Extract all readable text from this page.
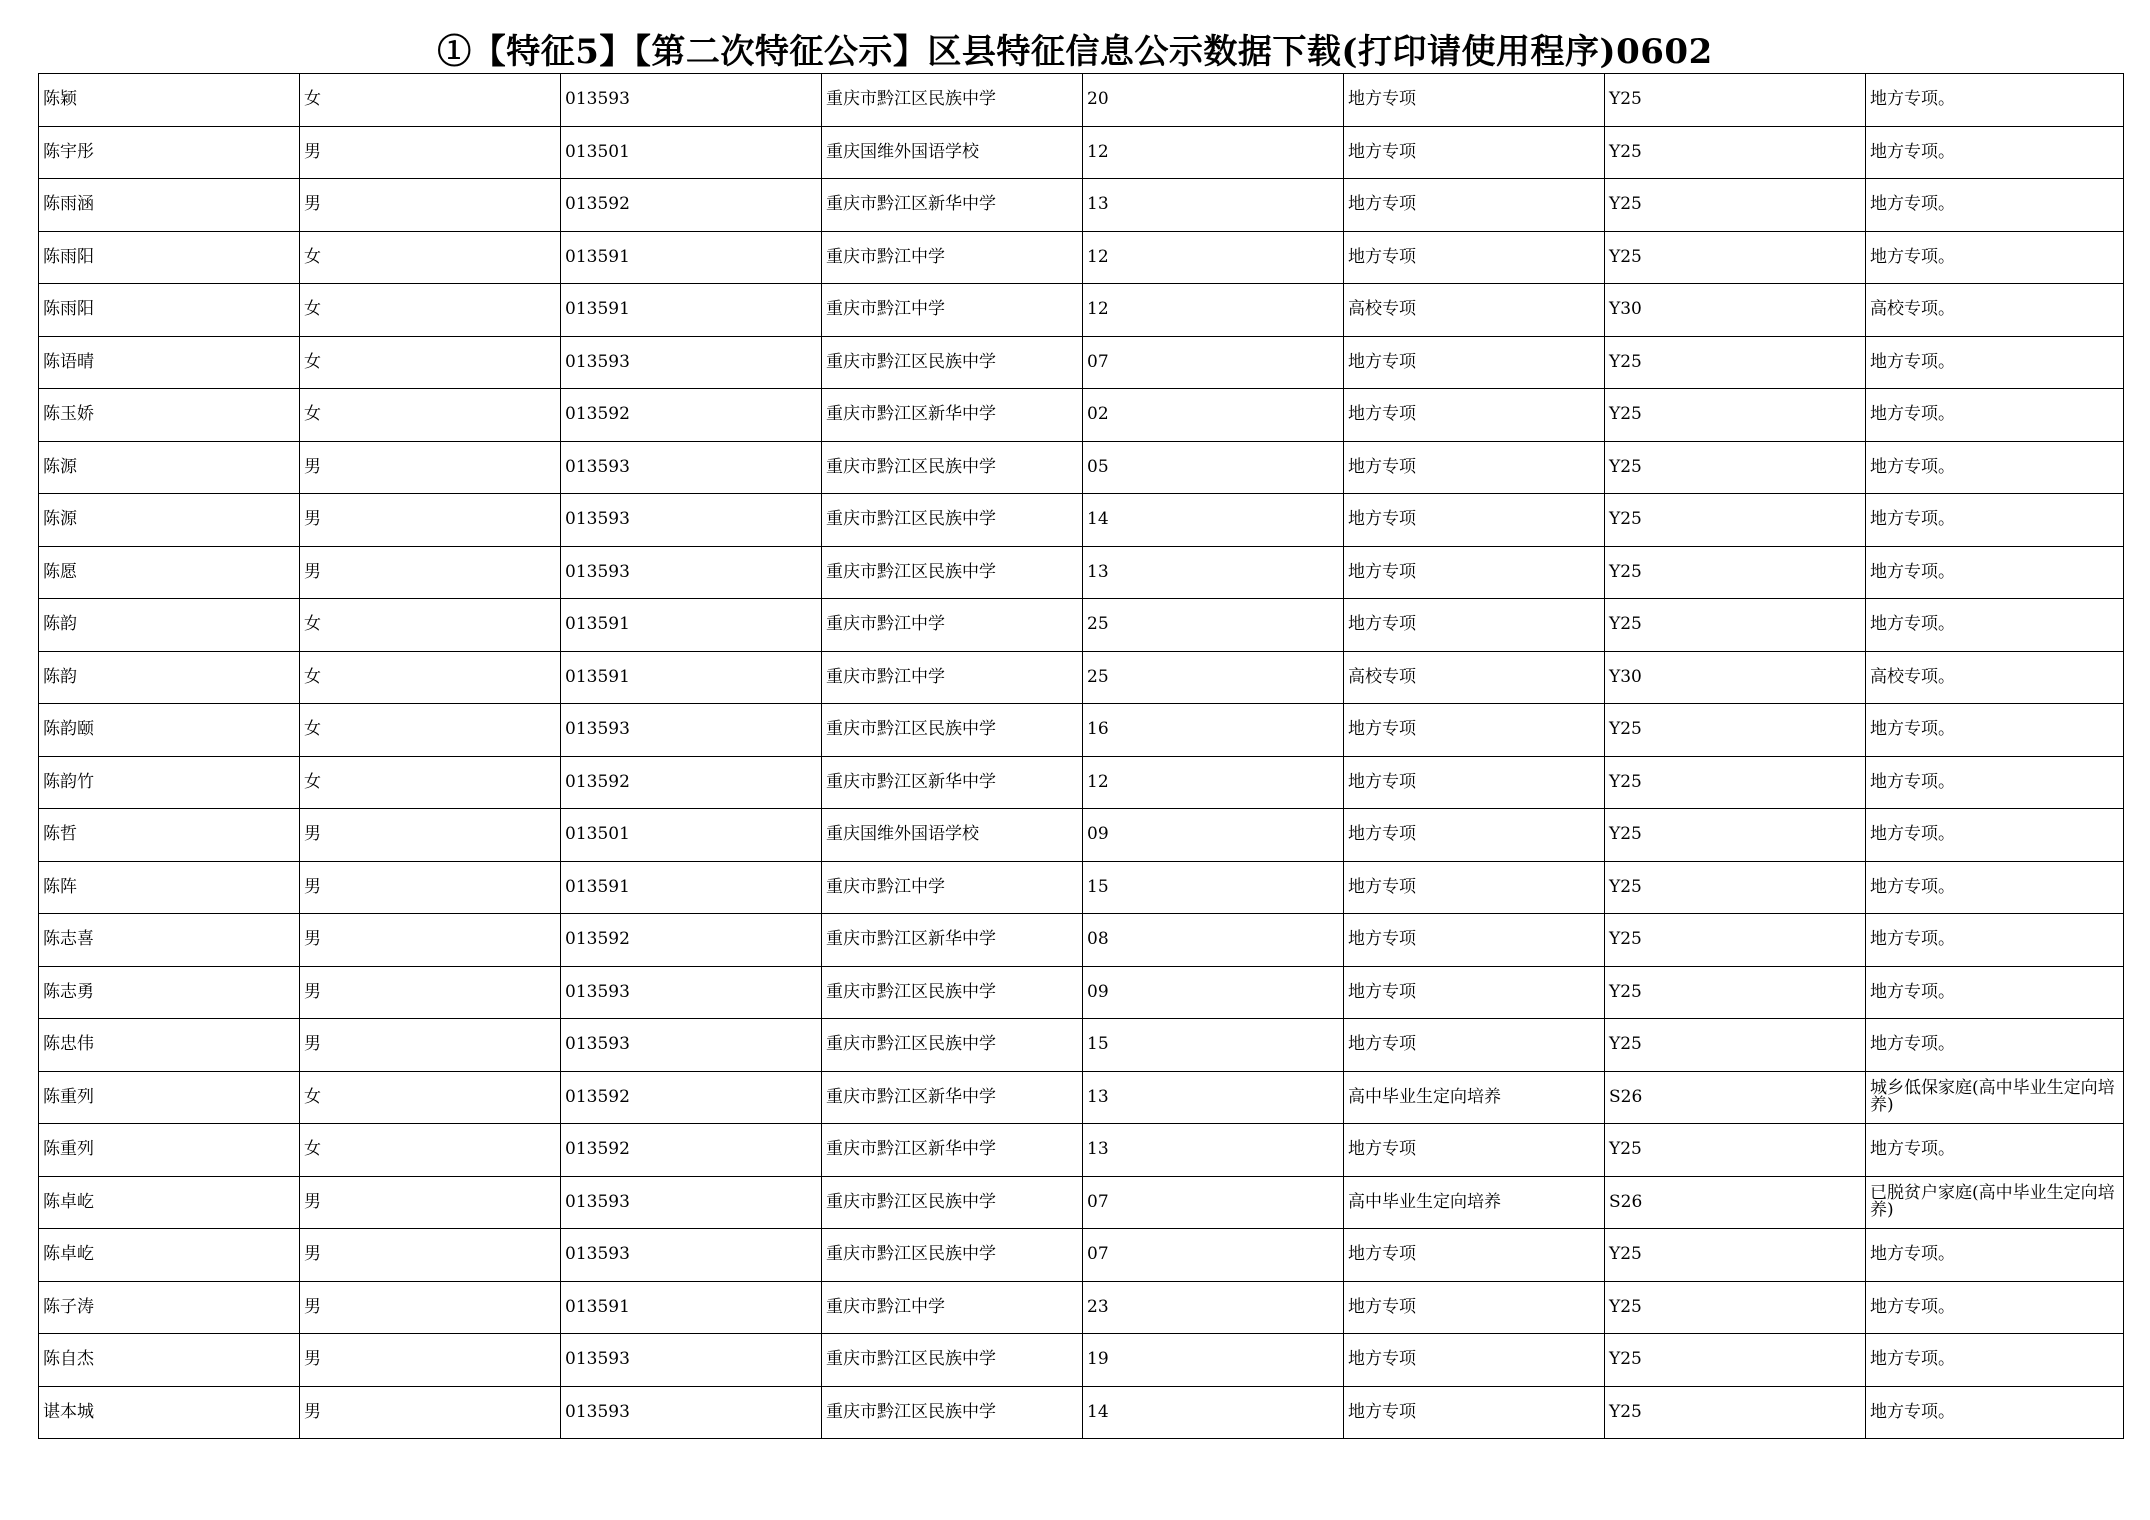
①【特征5】【第二次特征公示】区县特征信息公示数据下载(打印请使用程序)0602
陈颖	女	013593	重庆市黔江区民族中学	20	地方专项	Y25	地方专项。
陈宇彤	男	013501	重庆国维外国语学校	12	地方专项	Y25	地方专项。
陈雨涵	男	013592	重庆市黔江区新华中学	13	地方专项	Y25	地方专项。
陈雨阳	女	013591	重庆市黔江中学	12	地方专项	Y25	地方专项。
陈雨阳	女	013591	重庆市黔江中学	12	高校专项	Y30	高校专项。
陈语晴	女	013593	重庆市黔江区民族中学	07	地方专项	Y25	地方专项。
陈玉娇	女	013592	重庆市黔江区新华中学	02	地方专项	Y25	地方专项。
陈源	男	013593	重庆市黔江区民族中学	05	地方专项	Y25	地方专项。
陈源	男	013593	重庆市黔江区民族中学	14	地方专项	Y25	地方专项。
陈愿	男	013593	重庆市黔江区民族中学	13	地方专项	Y25	地方专项。
陈韵	女	013591	重庆市黔江中学	25	地方专项	Y25	地方专项。
陈韵	女	013591	重庆市黔江中学	25	高校专项	Y30	高校专项。
陈韵颐	女	013593	重庆市黔江区民族中学	16	地方专项	Y25	地方专项。
陈韵竹	女	013592	重庆市黔江区新华中学	12	地方专项	Y25	地方专项。
陈哲	男	013501	重庆国维外国语学校	09	地方专项	Y25	地方专项。
陈阵	男	013591	重庆市黔江中学	15	地方专项	Y25	地方专项。
陈志喜	男	013592	重庆市黔江区新华中学	08	地方专项	Y25	地方专项。
陈志勇	男	013593	重庆市黔江区民族中学	09	地方专项	Y25	地方专项。
陈忠伟	男	013593	重庆市黔江区民族中学	15	地方专项	Y25	地方专项。
陈重列	女	013592	重庆市黔江区新华中学	13	高中毕业生定向培养	S26	城乡低保家庭(高中毕业生定向培养)
陈重列	女	013592	重庆市黔江区新华中学	13	地方专项	Y25	地方专项。
陈卓屹	男	013593	重庆市黔江区民族中学	07	高中毕业生定向培养	S26	已脱贫户家庭(高中毕业生定向培养)
陈卓屹	男	013593	重庆市黔江区民族中学	07	地方专项	Y25	地方专项。
陈子涛	男	013591	重庆市黔江中学	23	地方专项	Y25	地方专项。
陈自杰	男	013593	重庆市黔江区民族中学	19	地方专项	Y25	地方专项。
谌本城	男	013593	重庆市黔江区民族中学	14	地方专项	Y25	地方专项。
